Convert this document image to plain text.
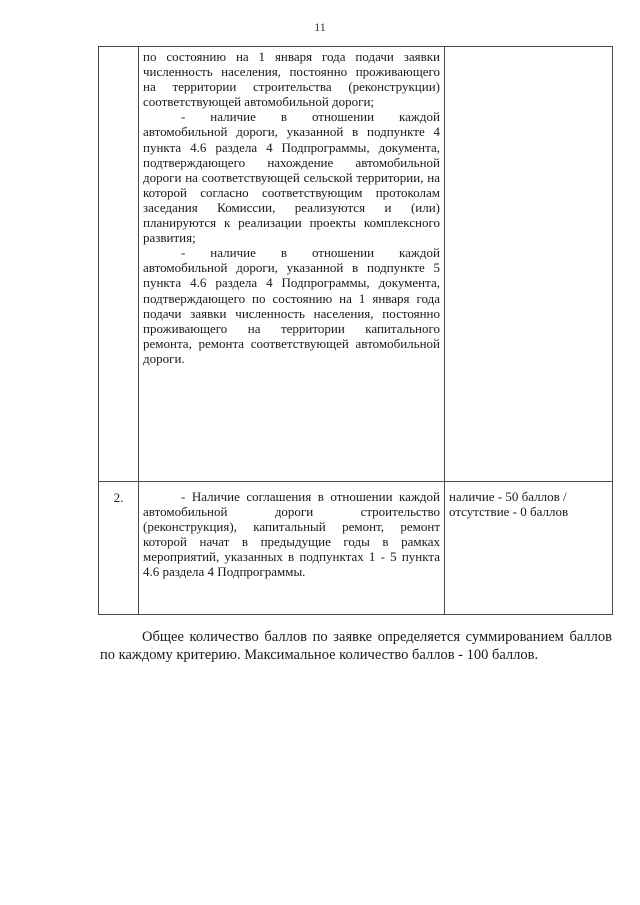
11

	по состоянию на 1 января года подачи заявки численность населения, постоянно проживающего на территории строительства (реконструкции) соответствующей автомобильной дороги;

- наличие в отношении каждой автомобильной дороги, указанной в подпункте 4 пункта 4.6 раздела 4 Подпрограммы, документа, подтверждающего нахождение автомобильной дороги на соответствующей сельской территории, на которой согласно соответствующим протоколам заседания Комиссии, реализуются и (или) планируются к реализации проекты комплексного развития;

- наличие в отношении каждой автомобильной дороги, указанной в подпункте 5 пункта 4.6 раздела 4 Подпрограммы, документа, подтверждающего по состоянию на 1 января года подачи заявки численность населения, постоянно проживающего на территории капитального ремонта, ремонта соответствующей автомобильной дороги.	

2.	- Наличие соглашения в отношении каждой автомобильной дороги строительство (реконструкция), капитальный ремонт, ремонт которой начат в предыдущие годы в рамках мероприятий, указанных в подпунктах 1 - 5 пункта 4.6 раздела 4 Подпрограммы.	наличие - 50 баллов /
отсутствие - 0 баллов

Общее количество баллов по заявке определяется суммированием баллов по каждому критерию. Максимальное количество баллов - 100 баллов.
